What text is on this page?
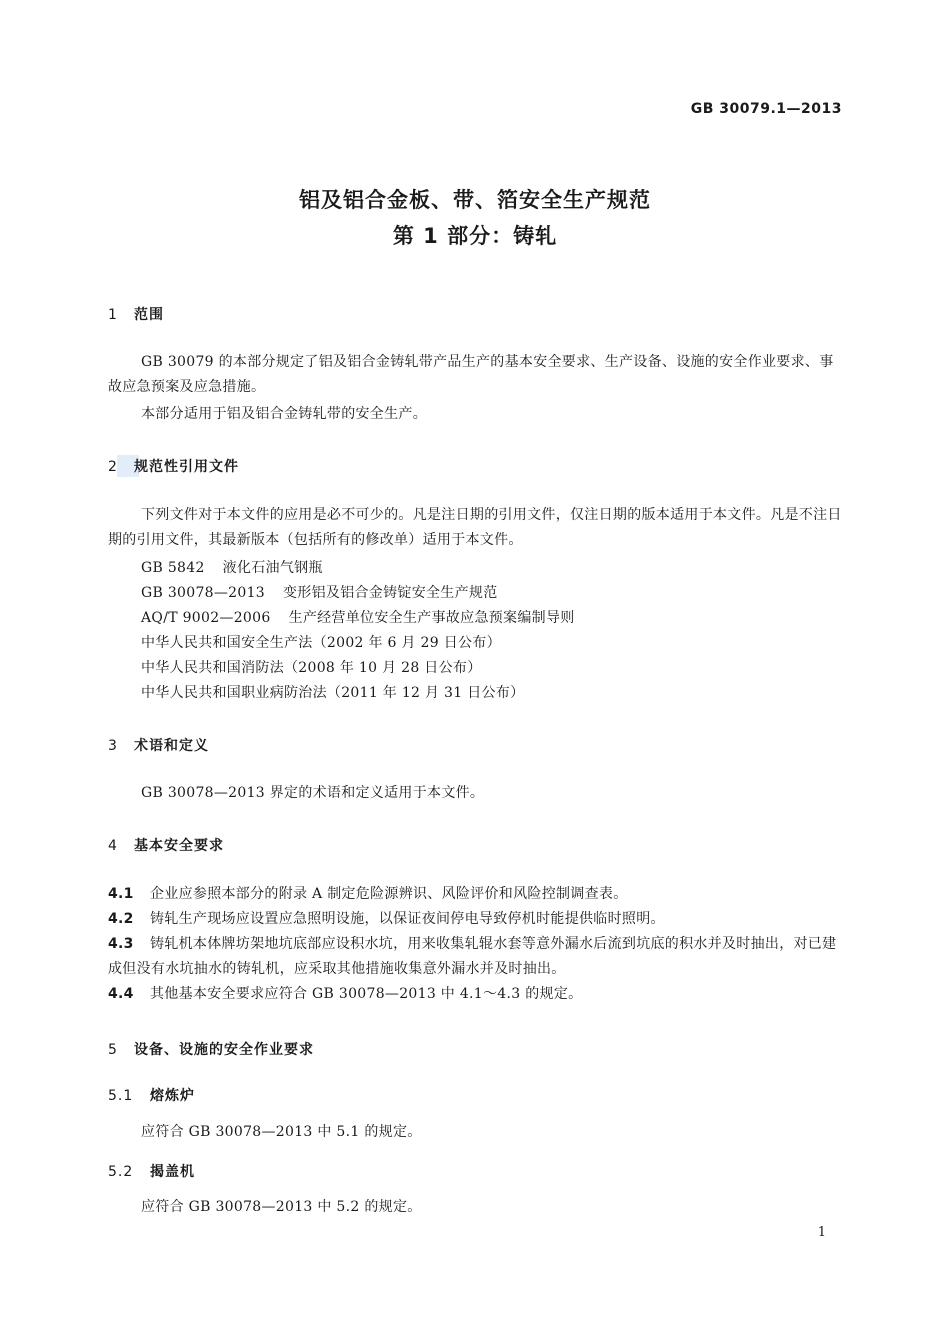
GB 30079.1—2013
铝及铝合金板、带、箔安全生产规范
第 1 部分：铸轧
1 范围
GB 30079 的本部分规定了铝及铝合金铸轧带产品生产的基本安全要求、生产设备、设施的安全作业要求、事故应急预案及应急措施。
本部分适用于铝及铝合金铸轧带的安全生产。
2 规范性引用文件
下列文件对于本文件的应用是必不可少的。凡是注日期的引用文件，仅注日期的版本适用于本文件。凡是不注日期的引用文件，其最新版本（包括所有的修改单）适用于本文件。
GB 5842 液化石油气钢瓶
GB 30078—2013 变形铝及铝合金铸锭安全生产规范
AQ/T 9002—2006 生产经营单位安全生产事故应急预案编制导则
中华人民共和国安全生产法（2002 年 6 月 29 日公布）
中华人民共和国消防法（2008 年 10 月 28 日公布）
中华人民共和国职业病防治法（2011 年 12 月 31 日公布）
3 术语和定义
GB 30078—2013 界定的术语和定义适用于本文件。
4 基本安全要求
4.1 企业应参照本部分的附录 A 制定危险源辨识、风险评价和风险控制调查表。
4.2 铸轧生产现场应设置应急照明设施，以保证夜间停电导致停机时能提供临时照明。
4.3 铸轧机本体牌坊架地坑底部应设积水坑，用来收集轧辊水套等意外漏水后流到坑底的积水并及时抽出，对已建成但没有水坑抽水的铸轧机，应采取其他措施收集意外漏水并及时抽出。
4.4 其他基本安全要求应符合 GB 30078—2013 中 4.1～4.3 的规定。
5 设备、设施的安全作业要求
5.1 熔炼炉
应符合 GB 30078—2013 中 5.1 的规定。
5.2 揭盖机
应符合 GB 30078—2013 中 5.2 的规定。
1
